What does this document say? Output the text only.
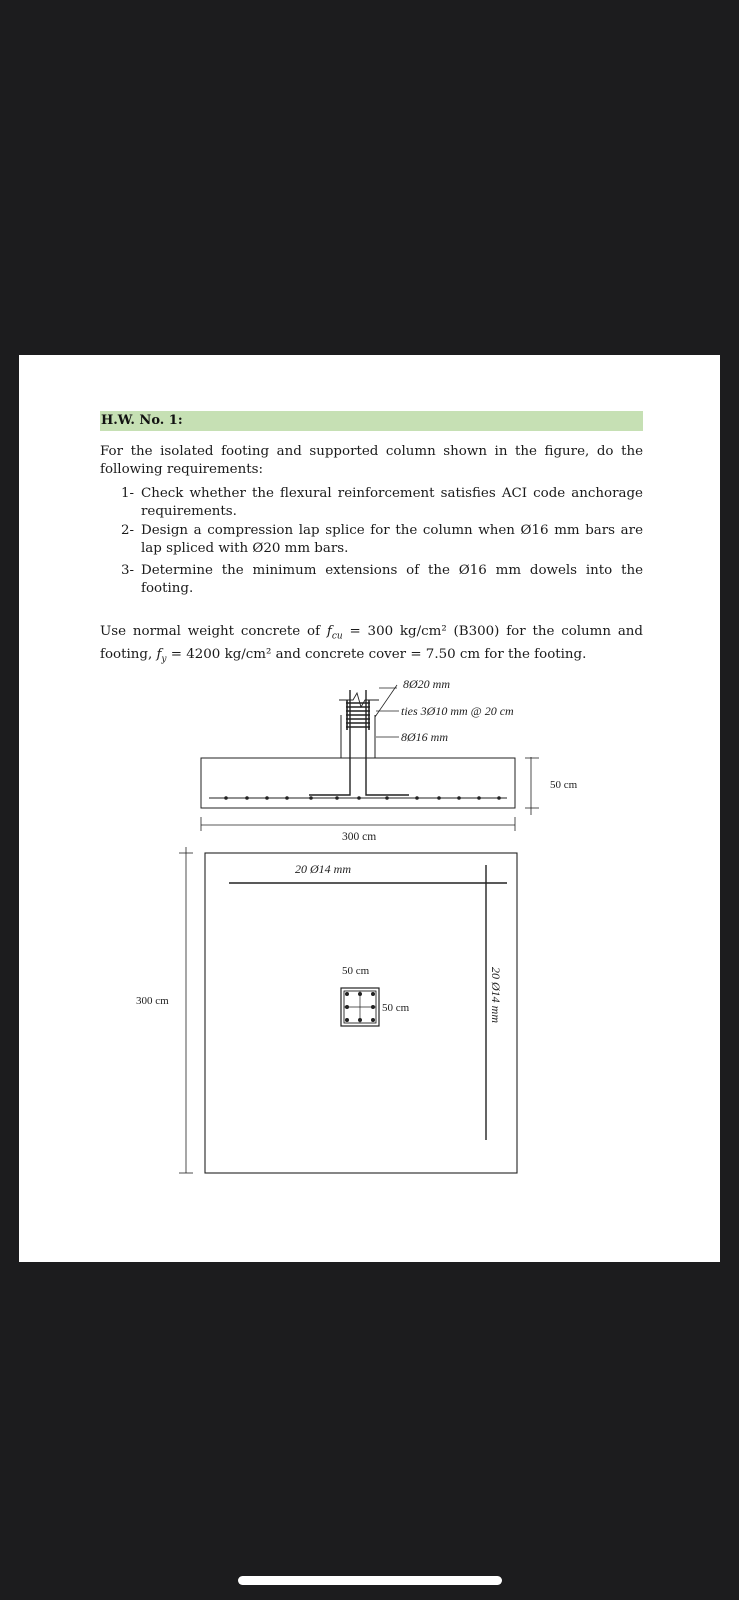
H.W. No. 1:
For the isolated footing and supported column shown in the figure, do the
following requirements:
1- Check whether the flexural reinforcement satisfies ACI code anchorage
requirements.
2- Design a compression lap splice for the column when Ø16 mm bars are
lap spliced with Ø20 mm bars.
3- Determine the minimum extensions of the Ø16 mm dowels into the
footing.
Use normal weight concrete of $f_{cu} = 300$ kg/cm² (B300) for the column and
footing, $f_y = 4200$ kg/cm² and concrete cover = 7.50 cm for the footing.
8Ø20 mm
ties 3Ø10 mm @ 20 cm
8Ø16 mm
50 cm
300 cm
20 Ø14 mm
50 cm
50 cm
300 cm	20 Ø14 mm
